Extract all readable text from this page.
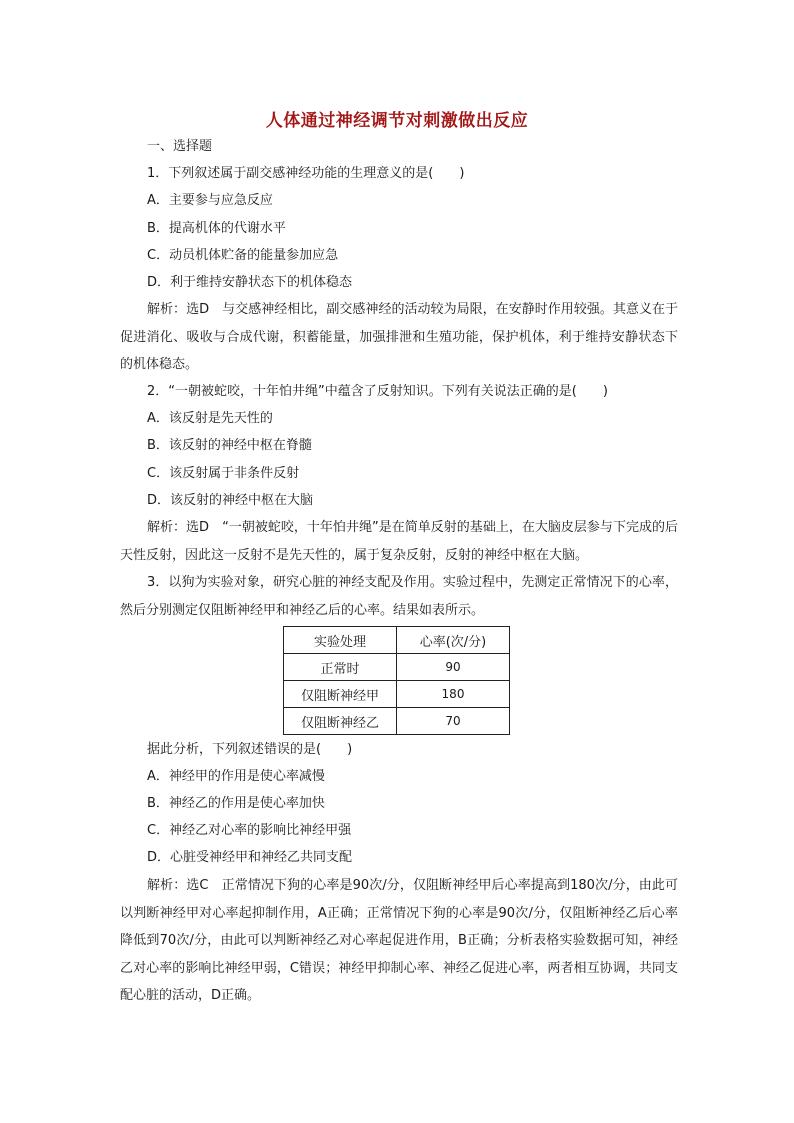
人体通过神经调节对刺激做出反应
一、选择题
1．下列叙述属于副交感神经功能的生理意义的是(　　)
A．主要参与应急反应
B．提高机体的代谢水平
C．动员机体贮备的能量参加应急
D．利于维持安静状态下的机体稳态
解析：选D　与交感神经相比，副交感神经的活动较为局限，在安静时作用较强。其意义在于促进消化、吸收与合成代谢，积蓄能量，加强排泄和生殖功能，保护机体，利于维持安静状态下的机体稳态。
2．“一朝被蛇咬，十年怕井绳”中蕴含了反射知识。下列有关说法正确的是(　　)
A．该反射是先天性的
B．该反射的神经中枢在脊髓
C．该反射属于非条件反射
D．该反射的神经中枢在大脑
解析：选D　“一朝被蛇咬，十年怕井绳”是在简单反射的基础上，在大脑皮层参与下完成的后天性反射，因此这一反射不是先天性的，属于复杂反射，反射的神经中枢在大脑。
3．以狗为实验对象，研究心脏的神经支配及作用。实验过程中，先测定正常情况下的心率，然后分别测定仅阻断神经甲和神经乙后的心率。结果如表所示。
实验处理	心率(次/分)
正常时	90
仅阻断神经甲	180
仅阻断神经乙	70
据此分析，下列叙述错误的是(　　)
A．神经甲的作用是使心率减慢
B．神经乙的作用是使心率加快
C．神经乙对心率的影响比神经甲强
D．心脏受神经甲和神经乙共同支配
解析：选C　正常情况下狗的心率是90次/分，仅阻断神经甲后心率提高到180次/分，由此可以判断神经甲对心率起抑制作用，A正确；正常情况下狗的心率是90次/分，仅阻断神经乙后心率降低到70次/分，由此可以判断神经乙对心率起促进作用，B正确；分析表格实验数据可知，神经乙对心率的影响比神经甲弱，C错误；神经甲抑制心率、神经乙促进心率，两者相互协调，共同支配心脏的活动，D正确。
